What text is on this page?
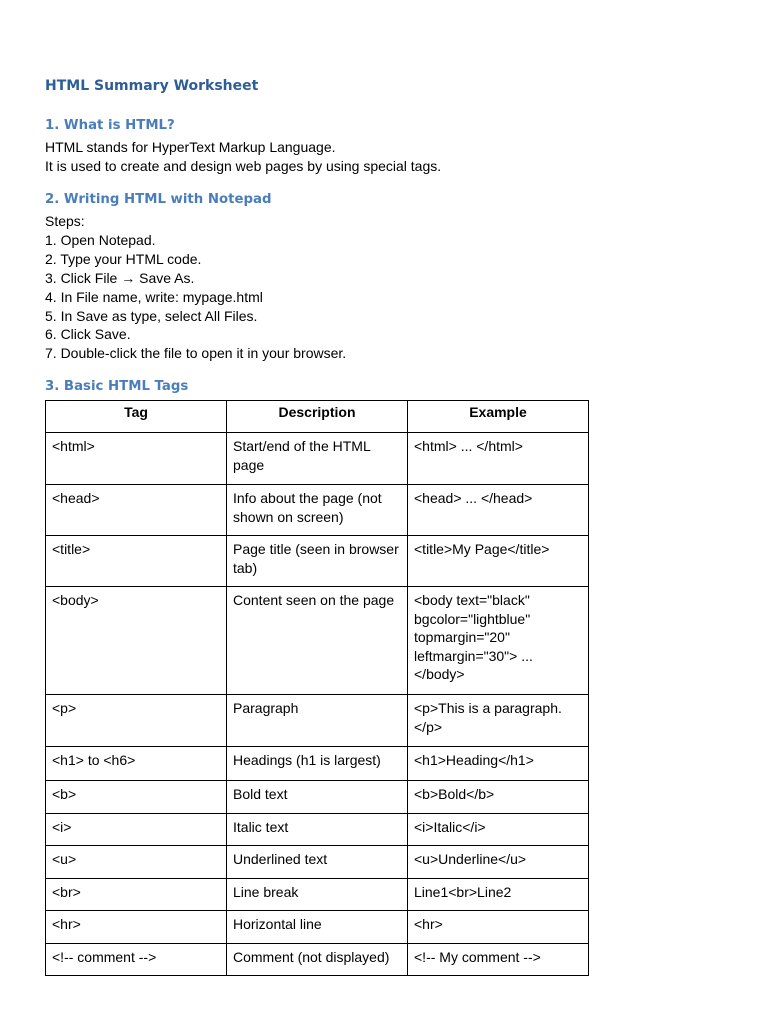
HTML Summary Worksheet
1. What is HTML?
HTML stands for HyperText Markup Language.
It is used to create and design web pages by using special tags.
2. Writing HTML with Notepad
Steps:
1. Open Notepad.
2. Type your HTML code.
3. Click File → Save As.
4. In File name, write: mypage.html
5. In Save as type, select All Files.
6. Click Save.
7. Double-click the file to open it in your browser.
3. Basic HTML Tags
Tag	Description	Example
<html>	Start/end of the HTML page	<html> ... </html>
<head>	Info about the page (not shown on screen)	<head> ... </head>
<title>	Page title (seen in browser tab)	<title>My Page</title>
<body>	Content seen on the page	<body text="black" bgcolor="lightblue" topmargin="20" leftmargin="30"> ... </body>
<p>	Paragraph	<p>This is a paragraph.</p>
<h1> to <h6>	Headings (h1 is largest)	<h1>Heading</h1>
<b>	Bold text	<b>Bold</b>
<i>	Italic text	<i>Italic</i>
<u>	Underlined text	<u>Underline</u>
<br>	Line break	Line1<br>Line2
<hr>	Horizontal line	<hr>
<!-- comment -->	Comment (not displayed)	<!-- My comment -->
